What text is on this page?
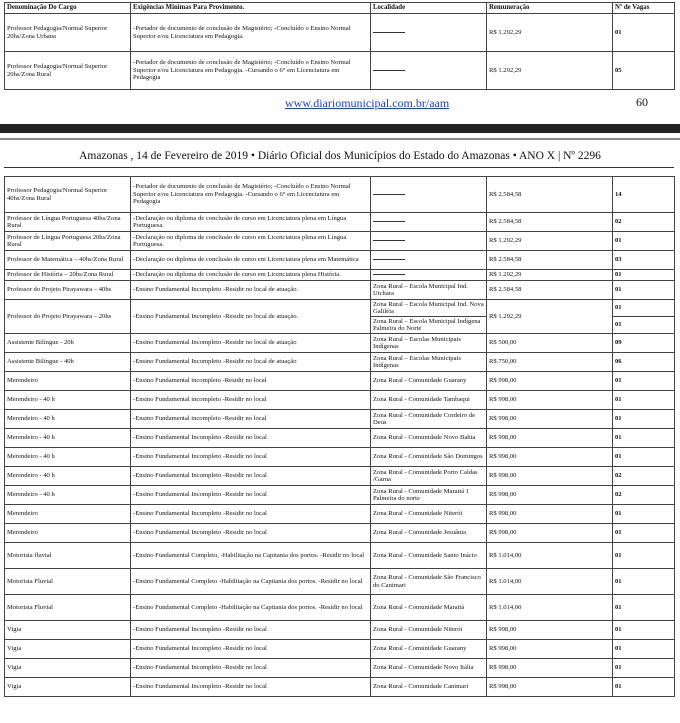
Denominação Do Cargo	Exigências Mínimas Para Provimento.	Localidade	Remuneração	Nº de Vagas
Professor Pedagogia/Normal Superior 20hs/Zona Urbana	-Portador de documento de conclusão de Magistério; -Concluído o Ensino Normal Superior e/ou Licenciatura em Pedagogia.		R$ 1.292,29	01
Professor Pedagogia/Normal Superior 20hs/Zona Rural	-Portador de documento de conclusão de Magistério; -Concluído o Ensino Normal Superior e/ou Licenciatura em Pedagogia. -Cursando o 6° em Licenciatura em Pedagogia		R$ 1.292,29	05
www.diariomunicipal.com.br/aam	60
Amazonas , 14 de Fevereiro de 2019 • Diário Oficial dos Municípios do Estado do Amazonas • ANO X | Nº 2296
Professor Pedagogia/Normal Superior 40hs/Zona Rural	-Portador de documento de conclusão de Magistério; -Concluído o Ensino Normal Superior e/ou Licenciatura em Pedagogia. -Cursando o 6° em Licenciatura em Pedagogia		R$ 2.584,58	14
Professor de Língua Portuguesa 40hs/Zona Rural	-Declaração ou diploma de conclusão de curso em Licenciatura plena em Língua Portuguesa.		R$ 2.584,58	02
Professor de Língua Portuguesa 20hs/Zona Rural	-Declaração ou diploma de conclusão de curso em Licenciatura plena em Língua Portuguesa.		R$ 1.292,29	01
Professor de Matemática – 40hs/Zona Rural	-Declaração ou diploma de conclusão de curso em Licenciatura plena em Matemática		R$ 2.584,58	03
Professor de História – 20hs/Zona Rural	-Declaração ou diploma de conclusão de curso em Licenciatura plena História.		R$ 1.292,29	01
Professor do Projeto Pirayawara – 40hs	-Ensino Fundamental Incompleto -Residir no local de atuação.	Zona Rural – Escola Municipal Ind. Utchara	R$ 2.584,58	01
Professor do Projeto Pirayawara – 20hs	-Ensino Fundamental Incompleto -Residir no local de atuação.	Zona Rural – Escola Municipal Ind. Nova Galiléia	R$ 1.292,29	01
		Zona Rural – Escola Municipal Indígena Palmeira do Norte		01
Assistente Bilíngue - 20h	-Ensino Fundamental Incompleto -Residir no local de atuação	Zona Rural – Escolas Municipais Indígenas	R$ 500,00	09
Assistente Bilíngue - 40h	-Ensino Fundamental Incompleto -Residir no local de atuação	Zona Rural – Escolas Municipais Indígenas	R$ 750,00	06
Merendeiro	-Ensino Fundamental incompleto -Residir no local	Zona Rural - Comunidade Guarany	R$ 998,00	01
Merendeiro - 40 h	-Ensino Fundamental incompleto -Residir no local	Zona Rural - Comunidade Tambaqui	R$ 998,00	01
Merendeiro - 40 h	-Ensino Fundamental incompleto -Residir no local	Zona Rural - Comunidade Cordeiro de Deus	R$ 998,00	01
Merendeiro - 40 h	-Ensino Fundamental Incompleto -Residir no local	Zona Rural - Comunidade Novo Bahia	R$ 998,00	01
Merendeiro - 40 h	-Ensino Fundamental Incompleto -Residir no local	Zona Rural - Comunidade São Domingos	R$ 998,00	01
Merendeiro - 40 h	-Ensino Fundamental Incompleto -Residir no local	Zona Rural - Comunidade Porto Caldas /Garna	R$ 998,00	02
Merendeiro - 40 h	-Ensino Fundamental Incompleto -Residir no local	Zona Rural - Comunidade Maraitá 1 Palmeira do norte	R$ 998,00	02
Merendeiro	-Ensino Fundamental Incompleto -Residir no local	Zona Rural - Comunidade Niterói	R$ 998,00	01
Merendeiro	-Ensino Fundamental Incompleto -Residir no local	Zona Rural - Comunidade Jesuânia	R$ 998,00	01
Motorista fluvial	-Ensino Fundamental Completo, -Habilitação na Capitania dos portos. -Residir no local	Zona Rural - Comunidade Santo Inácio	R$ 1.014,00	01
Motorista Fluvial	-Ensino Fundamental Completo -Habilitação na Capitania dos portos. -Residir no local	Zona Rural - Comunidade São Francisco do Canimari	R$ 1.014,00	01
Motorista Fluvial	-Ensino Fundamental Completo -Habilitação na Capitania dos portos. -Residir no local	Zona Rural - Comunidade Maraitá	R$ 1.014,00	01
Vigia	-Ensino Fundamental Incompleto -Residir no local	Zona Rural - Comunidade Niterói	R$ 998,00	01
Vigia	-Ensino Fundamental Incompleto -Residir no local	Zona Rural - Comunidade Guarany	R$ 998,00	01
Vigia	-Ensino Fundamental Incompleto -Residir no local	Zona Rural - Comunidade Novo Itália	R$ 998,00	01
Vigia	-Ensino Fundamental Incompleto -Residir no local	Zona Rural - Comunidade Canimari	R$ 998,00	01
